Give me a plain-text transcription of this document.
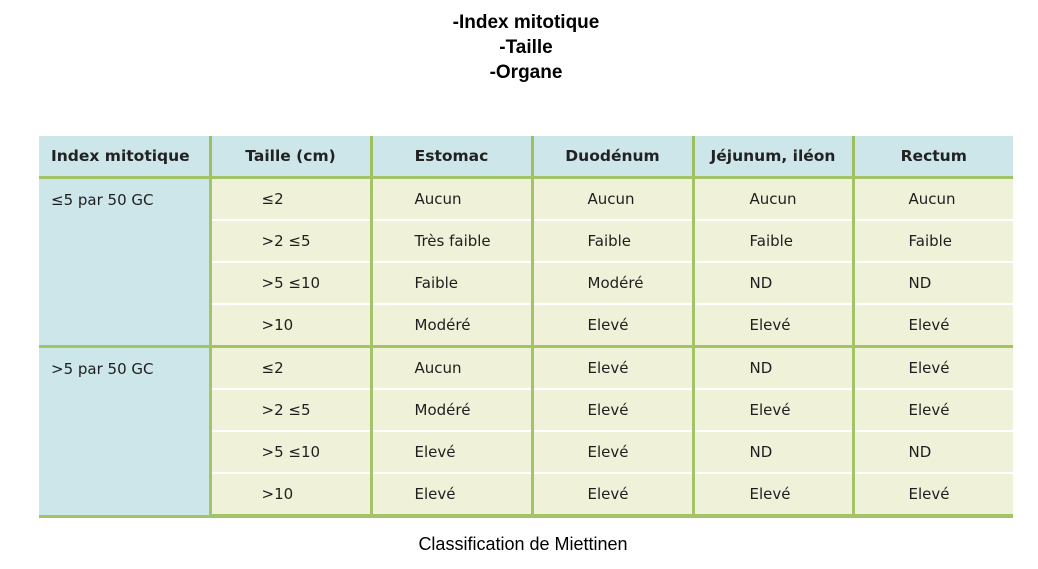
-Index mitotique
-Taille
-Organe
Index mitotique	Taille (cm)	Estomac	Duodénum	Jéjunum, iléon	Rectum
≤5 par 50 GC	≤2	Aucun	Aucun	Aucun	Aucun
	>2 ≤5	Très faible	Faible	Faible	Faible
	>5 ≤10	Faible	Modéré	ND	ND
	>10	Modéré	Elevé	Elevé	Elevé
>5 par 50 GC	≤2	Aucun	Elevé	ND	Elevé
	>2 ≤5	Modéré	Elevé	Elevé	Elevé
	>5 ≤10	Elevé	Elevé	ND	ND
	>10	Elevé	Elevé	Elevé	Elevé
Classification de Miettinen
